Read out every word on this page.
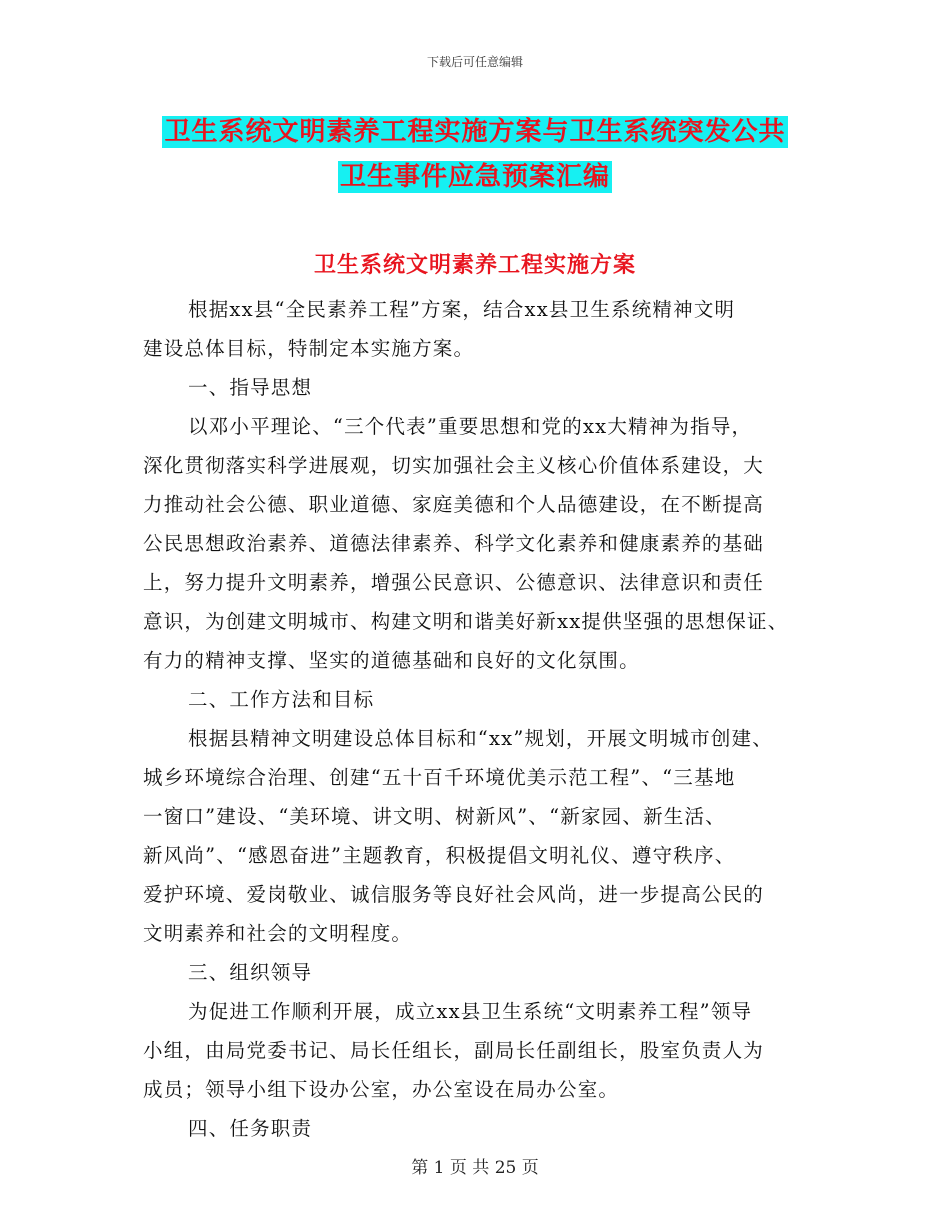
下载后可任意编辑
卫生系统文明素养工程实施方案与卫生系统突发公共
卫生事件应急预案汇编
卫生系统文明素养工程实施方案
根据xx县“全民素养工程”方案，结合xx县卫生系统精神文明
建设总体目标，特制定本实施方案。
一、指导思想
以邓小平理论、“三个代表”重要思想和党的xx大精神为指导，
深化贯彻落实科学进展观，切实加强社会主义核心价值体系建设，大
力推动社会公德、职业道德、家庭美德和个人品德建设，在不断提高
公民思想政治素养、道德法律素养、科学文化素养和健康素养的基础
上，努力提升文明素养，增强公民意识、公德意识、法律意识和责任
意识，为创建文明城市、构建文明和谐美好新xx提供坚强的思想保证、
有力的精神支撑、坚实的道德基础和良好的文化氛围。
二、工作方法和目标
根据县精神文明建设总体目标和“xx”规划，开展文明城市创建、
城乡环境综合治理、创建“五十百千环境优美示范工程”、“三基地
一窗口”建设、“美环境、讲文明、树新风”、“新家园、新生活、
新风尚”、“感恩奋进”主题教育，积极提倡文明礼仪、遵守秩序、
爱护环境、爱岗敬业、诚信服务等良好社会风尚，进一步提高公民的
文明素养和社会的文明程度。
三、组织领导
为促进工作顺利开展，成立xx县卫生系统“文明素养工程”领导
小组，由局党委书记、局长任组长，副局长任副组长，股室负责人为
成员；领导小组下设办公室，办公室设在局办公室。
四、任务职责
第 1 页 共 25 页
